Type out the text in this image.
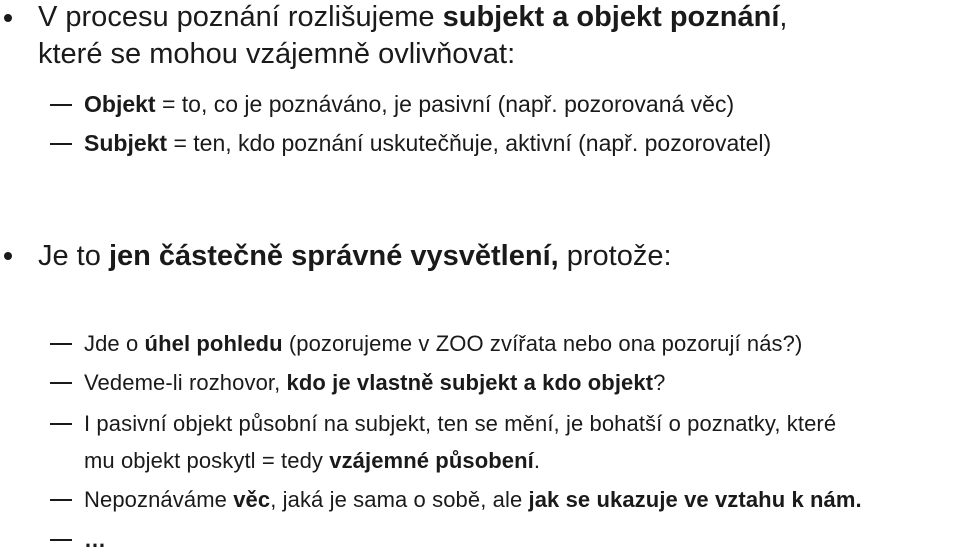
V procesu poznání rozlišujeme subjekt a objekt poznání,
které se mohou vzájemně ovlivňovat:
Objekt = to, co je poznáváno, je pasivní (např. pozorovaná věc)
Subjekt = ten, kdo poznání uskutečňuje, aktivní (např. pozorovatel)
Je to jen částečně správné vysvětlení, protože:
Jde o úhel pohledu (pozorujeme v ZOO zvířata nebo ona pozorují nás?)
Vedeme-li rozhovor, kdo je vlastně subjekt a kdo objekt?
I pasivní objekt působní na subjekt, ten se mění, je bohatší o poznatky, které
mu objekt poskytl = tedy vzájemné působení.
Nepoznáváme věc, jaká je sama o sobě, ale jak se ukazuje ve vztahu k nám.
…
